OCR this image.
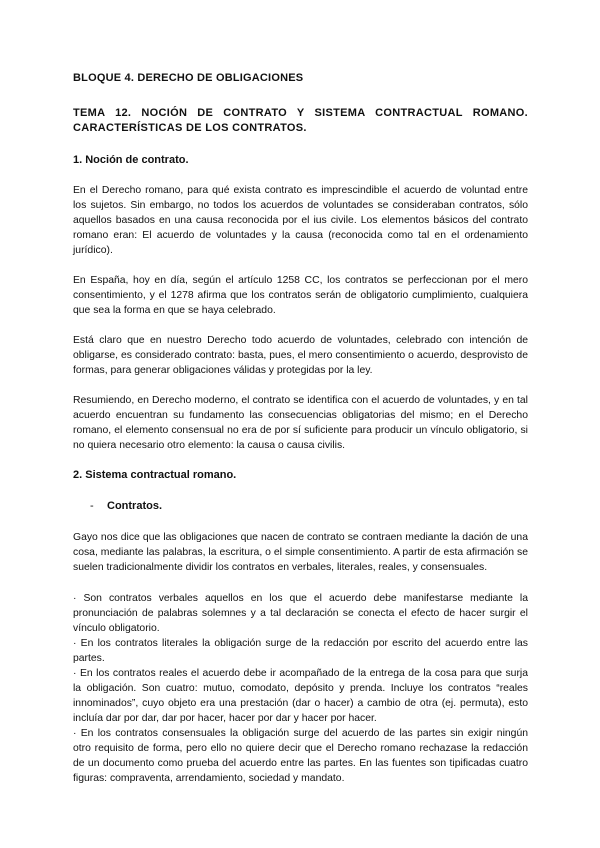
BLOQUE 4. DERECHO DE OBLIGACIONES
TEMA 12. NOCIÓN DE CONTRATO Y SISTEMA CONTRACTUAL ROMANO. CARACTERÍSTICAS DE LOS CONTRATOS.
1. Noción de contrato.

En el Derecho romano, para qué exista contrato es imprescindible el acuerdo de voluntad entre los sujetos. Sin embargo, no todos los acuerdos de voluntades se consideraban contratos, sólo aquellos basados en una causa reconocida por el ius civile. Los elementos básicos del contrato romano eran: El acuerdo de voluntades y la causa (reconocida como tal en el ordenamiento jurídico).

En España, hoy en día, según el artículo 1258 CC, los contratos se perfeccionan por el mero consentimiento, y el 1278 afirma que los contratos serán de obligatorio cumplimiento, cualquiera que sea la forma en que se haya celebrado.

Está claro que en nuestro Derecho todo acuerdo de voluntades, celebrado con intención de obligarse, es considerado contrato: basta, pues, el mero consentimiento o acuerdo, desprovisto de formas, para generar obligaciones válidas y protegidas por la ley.

Resumiendo, en Derecho moderno, el contrato se identifica con el acuerdo de voluntades, y en tal acuerdo encuentran su fundamento las consecuencias obligatorias del mismo; en el Derecho romano, el elemento consensual no era de por sí suficiente para producir un vínculo obligatorio, si no quiera necesario otro elemento: la causa o causa civilis.

2. Sistema contractual romano.
- Contratos.

Gayo nos dice que las obligaciones que nacen de contrato se contraen mediante la dación de una cosa, mediante las palabras, la escritura, o el simple consentimiento. A partir de esta afirmación se suelen tradicionalmente dividir los contratos en verbales, literales, reales, y consensuales.

· Son contratos verbales aquellos en los que el acuerdo debe manifestarse mediante la pronunciación de palabras solemnes y a tal declaración se conecta el efecto de hacer surgir el vínculo obligatorio.

· En los contratos literales la obligación surge de la redacción por escrito del acuerdo entre las partes.

· En los contratos reales el acuerdo debe ir acompañado de la entrega de la cosa para que surja la obligación. Son cuatro: mutuo, comodato, depósito y prenda. Incluye los contratos “reales innominados”, cuyo objeto era una prestación (dar o hacer) a cambio de otra (ej. permuta), esto incluía dar por dar, dar por hacer, hacer por dar y hacer por hacer.

· En los contratos consensuales la obligación surge del acuerdo de las partes sin exigir ningún otro requisito de forma, pero ello no quiere decir que el Derecho romano rechazase la redacción de un documento como prueba del acuerdo entre las partes. En las fuentes son tipificadas cuatro figuras: compraventa, arrendamiento, sociedad y mandato.
